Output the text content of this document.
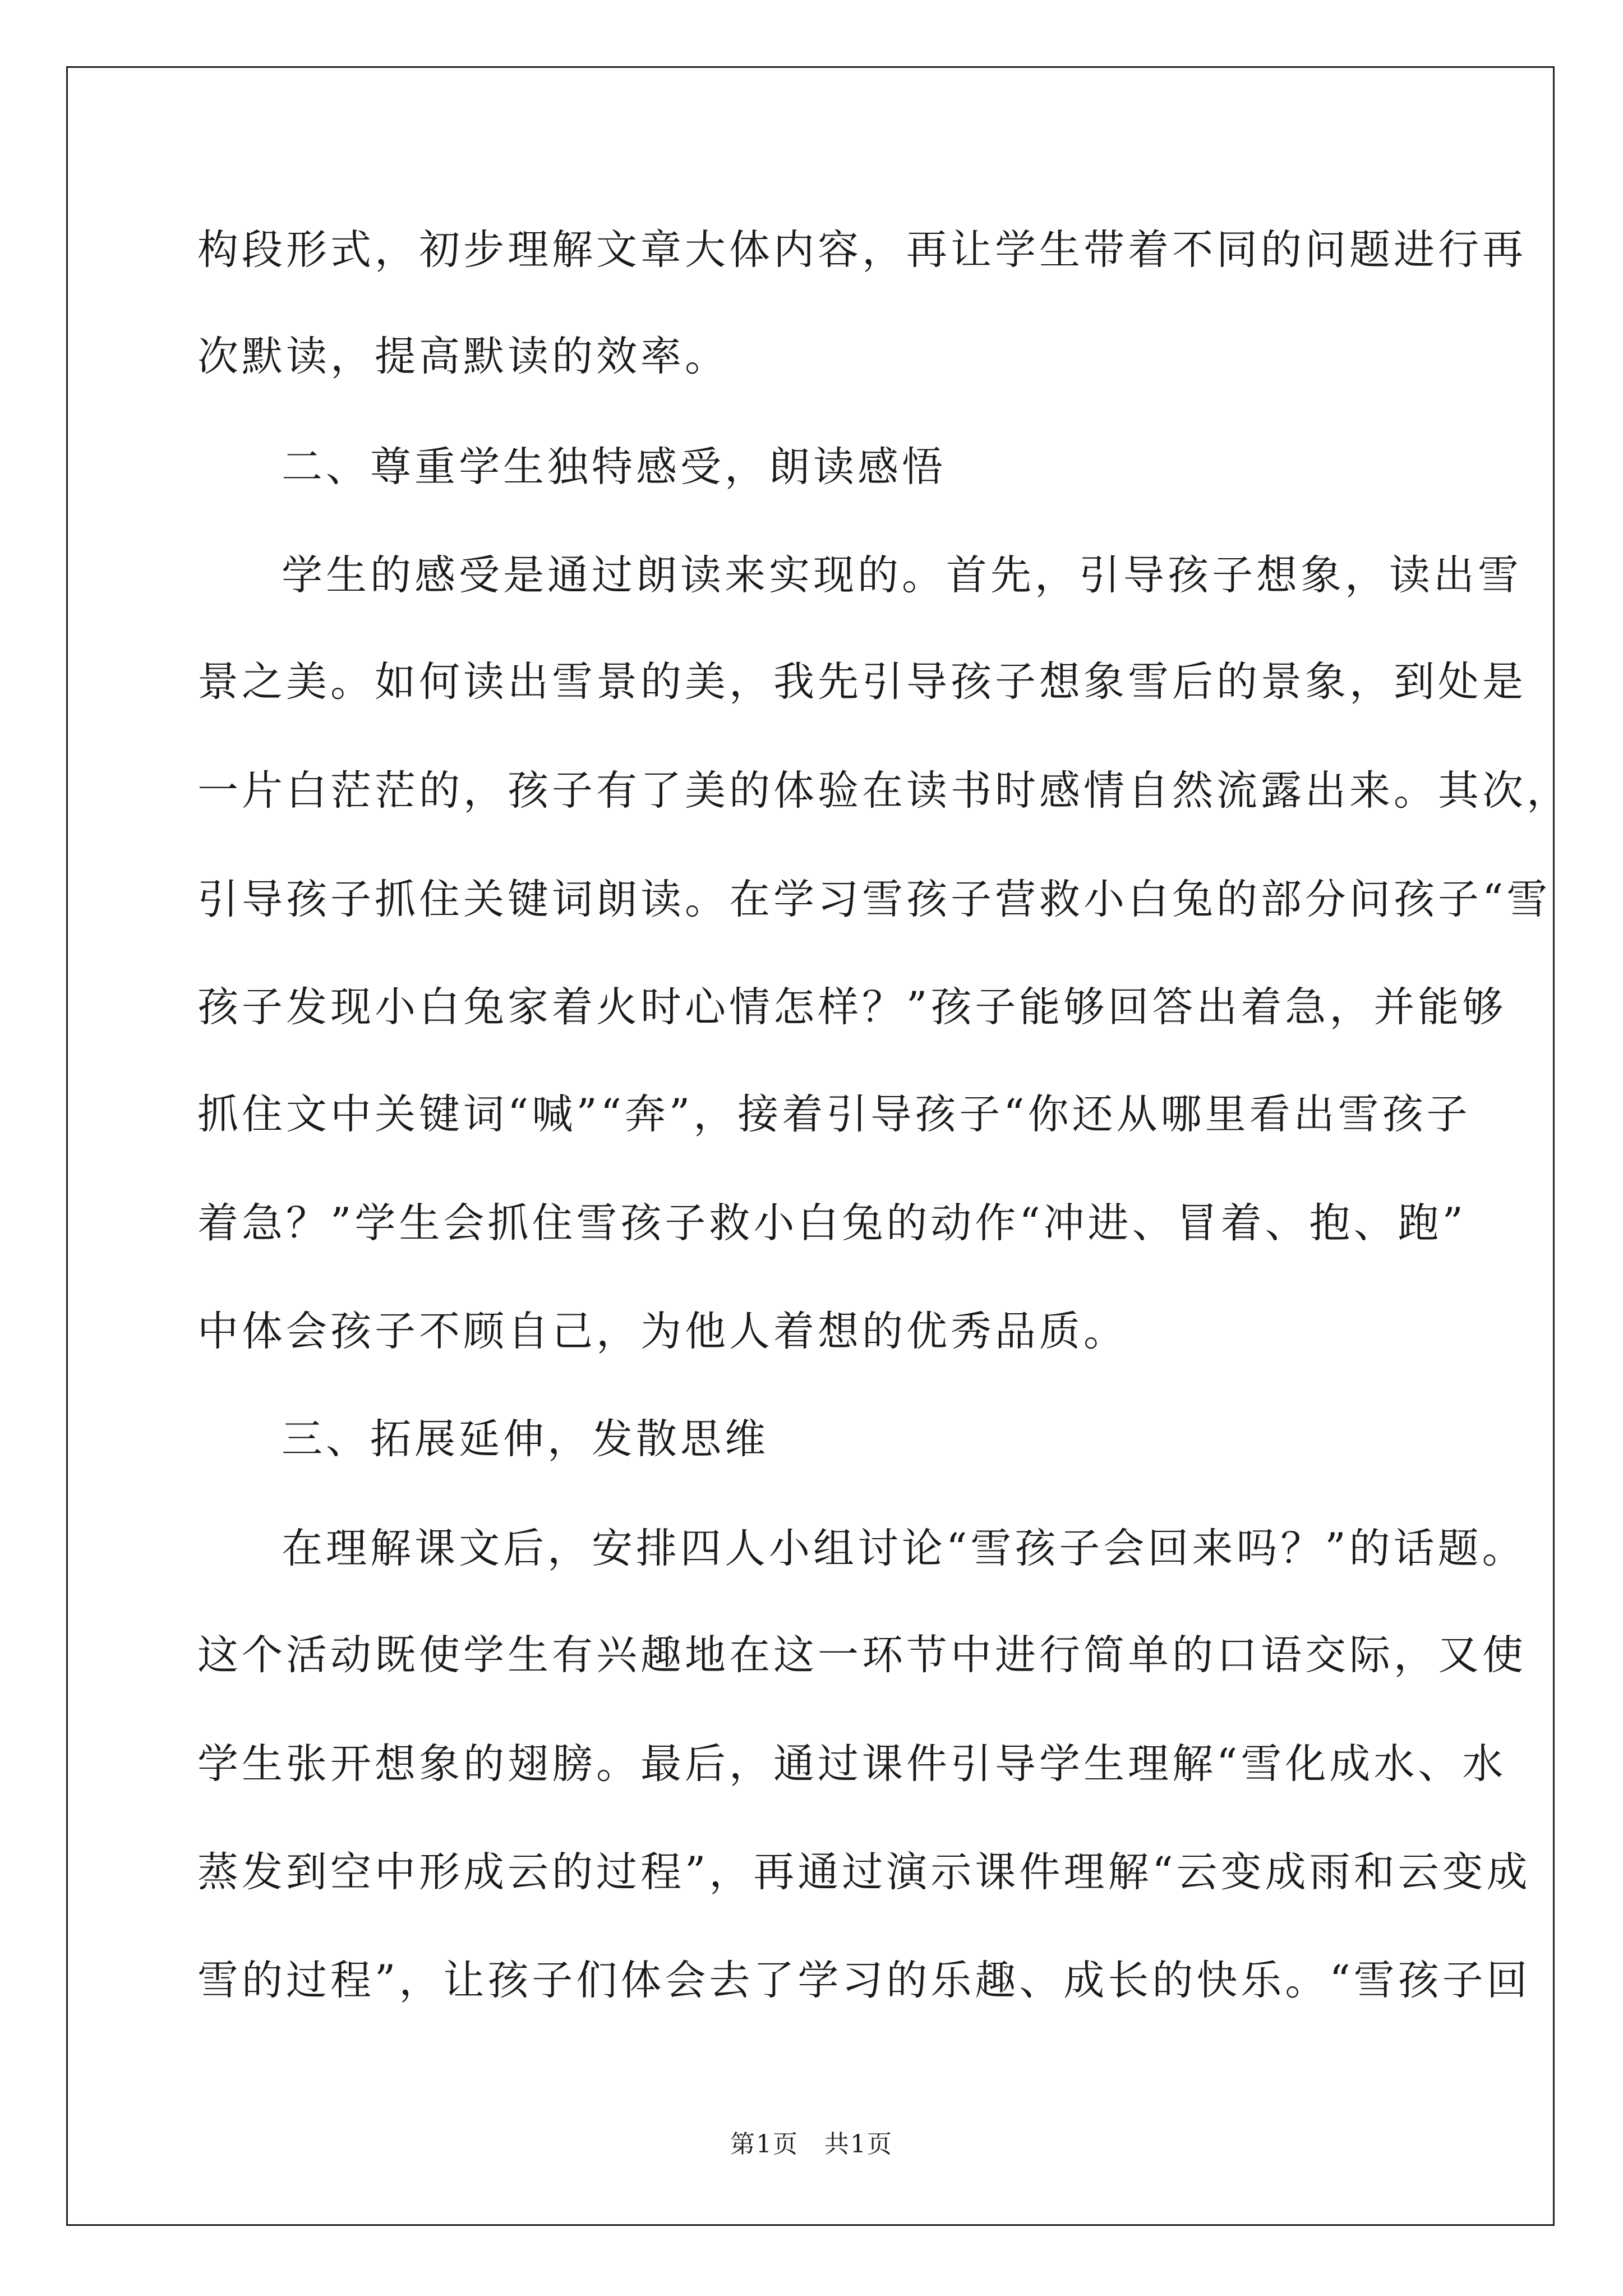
构段形式，初步理解文章大体内容，再让学生带着不同的问题进行再
次默读，提高默读的效率。
二、尊重学生独特感受，朗读感悟
学生的感受是通过朗读来实现的。首先，引导孩子想象，读出雪
景之美。如何读出雪景的美，我先引导孩子想象雪后的景象，到处是
一片白茫茫的，孩子有了美的体验在读书时感情自然流露出来。其次，
引导孩子抓住关键词朗读。在学习雪孩子营救小白兔的部分问孩子“雪
孩子发现小白兔家着火时心情怎样？”孩子能够回答出着急，并能够
抓住文中关键词“喊”“奔”，接着引导孩子“你还从哪里看出雪孩子
着急？”学生会抓住雪孩子救小白兔的动作“冲进、冒着、抱、跑”
中体会孩子不顾自己，为他人着想的优秀品质。
三、拓展延伸，发散思维
在理解课文后，安排四人小组讨论“雪孩子会回来吗？”的话题。
这个活动既使学生有兴趣地在这一环节中进行简单的口语交际，又使
学生张开想象的翅膀。最后，通过课件引导学生理解“雪化成水、水
蒸发到空中形成云的过程”，再通过演示课件理解“云变成雨和云变成
雪的过程”，让孩子们体会去了学习的乐趣、成长的快乐。“雪孩子回
第1页 共1页
